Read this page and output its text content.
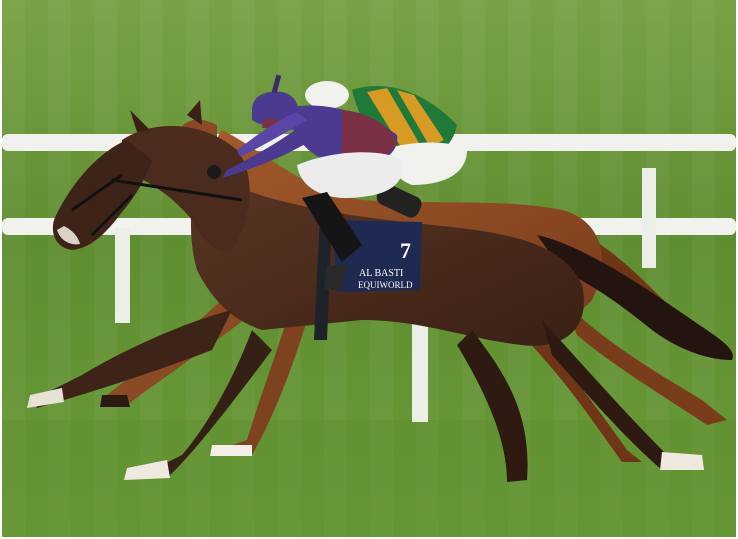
7
AL BASTI
EQUIWORLD
